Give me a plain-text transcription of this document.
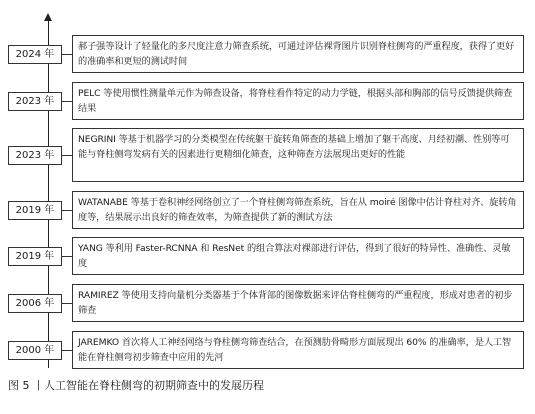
郝子强等设计了轻量化的多尺度注意力筛查系统，可通过评估裸背图片识别脊柱侧弯的严重程度，获得了更好的准确率和更短的测试时间
2024 年
PELC 等使用惯性测量单元作为筛查设备，将脊柱看作特定的动力学链，根据头部和胸部的信号反馈提供筛查结果
2023 年
NEGRINI 等基于机器学习的分类模型在传统躯干旋转角筛查的基础上增加了躯干高度、月经初潮、性别等可能与脊柱侧弯发病有关的因素进行更精细化筛查，这种筛查方法展现出更好的性能
2023 年
WATANABE 等基于卷积神经网络创立了一个脊柱侧弯筛查系统，旨在从 moiré 图像中估计脊柱对齐、旋转角度等，结果展示出良好的筛查效率，为筛查提供了新的测试方法
2019 年
YANG 等利用 Faster-RCNNA 和 ResNet 的组合算法对裸部进行评估，得到了很好的特异性、准确性、灵敏度
2019 年
RAMIREZ 等使用支持向量机分类器基于个体背部的图像数据来评估脊柱侧弯的严重程度，形成对患者的初步筛查
2006 年
JAREMKO 首次将人工神经网络与脊柱侧弯筛查结合，在预测肋骨畸形方面展现出 60% 的准确率，是人工智能在脊柱侧弯初步筛查中应用的先河
2000 年
图 5 丨人工智能在脊柱侧弯的初期筛查中的发展历程
